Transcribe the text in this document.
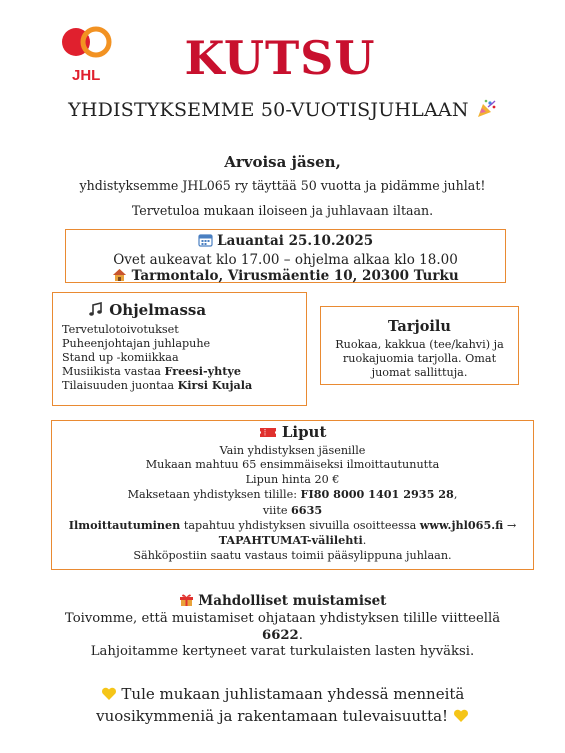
JHL	KUTSU
YHDISTYKSEMME 50-VUOTISJUHLAAN
Arvoisa jäsen,
yhdistyksemme JHL065 ry täyttää 50 vuotta ja pidämme juhlat!
Tervetuloa mukaan iloiseen ja juhlavaan iltaan.
Lauantai 25.10.2025
Ovet aukeavat klo 17.00 – ohjelma alkaa klo 18.00
Tarmontalo, Virusmäentie 10, 20300 Turku
Ohjelmassa
Tervetulotoivotukset
Puheenjohtajan juhlapuhe
Stand up -komiikkaa
Musiikista vastaa Freesi-yhtye
Tilaisuuden juontaa Kirsi Kujala
Tarjoilu
Ruokaa, kakkua (tee/kahvi) ja
ruokajuomia tarjolla. Omat
juomat sallittuja.
Liput
Vain yhdistyksen jäsenille
Mukaan mahtuu 65 ensimmäiseksi ilmoittautunutta
Lipun hinta 20 €
Maksetaan yhdistyksen tilille: FI80 8000 1401 2935 28,
viite 6635
Ilmoittautuminen tapahtuu yhdistyksen sivuilla osoitteessa www.jhl065.fi →
TAPAHTUMAT-välilehti.
Sähköpostiin saatu vastaus toimii pääsylippuna juhlaan.
Mahdolliset muistamiset
Toivomme, että muistamiset ohjataan yhdistyksen tilille viitteellä
6622.
Lahjoitamme kertyneet varat turkulaisten lasten hyväksi.
Tule mukaan juhlistamaan yhdessä menneitä
vuosikymmeniä ja rakentamaan tulevaisuutta!
